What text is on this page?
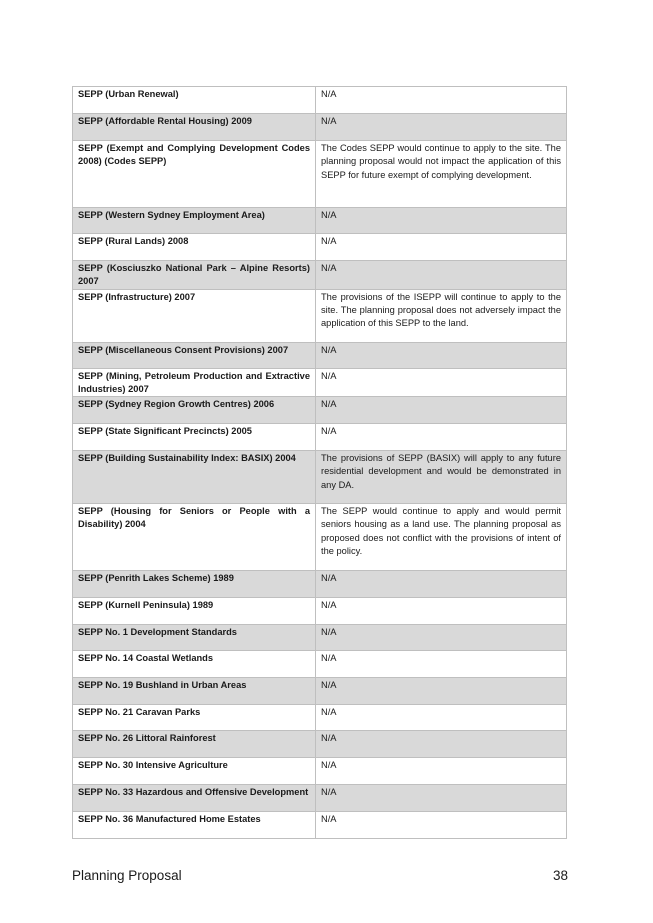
SEPP (Urban Renewal)	N/A
SEPP (Affordable Rental Housing) 2009	N/A
SEPP (Exempt and Complying Development Codes 2008) (Codes SEPP)	The Codes SEPP would continue to apply to the site. The planning proposal would not impact the application of this SEPP for future exempt of complying development.
SEPP (Western Sydney Employment Area)	N/A
SEPP (Rural Lands) 2008	N/A
SEPP (Kosciuszko National Park – Alpine Resorts) 2007	N/A
SEPP (Infrastructure) 2007	The provisions of the ISEPP will continue to apply to the site. The planning proposal does not adversely impact the application of this SEPP to the land.
SEPP (Miscellaneous Consent Provisions) 2007	N/A
SEPP (Mining, Petroleum Production and Extractive Industries) 2007	N/A
SEPP (Sydney Region Growth Centres) 2006	N/A
SEPP (State Significant Precincts) 2005	N/A
SEPP (Building Sustainability Index: BASIX) 2004	The provisions of SEPP (BASIX) will apply to any future residential development and would be demonstrated in any DA.
SEPP (Housing for Seniors or People with a Disability) 2004	The SEPP would continue to apply and would permit seniors housing as a land use. The planning proposal as proposed does not conflict with the provisions of intent of the policy.
SEPP (Penrith Lakes Scheme) 1989	N/A
SEPP (Kurnell Peninsula) 1989	N/A
SEPP No. 1 Development Standards	N/A
SEPP No. 14 Coastal Wetlands	N/A
SEPP No. 19 Bushland in Urban Areas	N/A
SEPP No. 21 Caravan Parks	N/A
SEPP No. 26 Littoral Rainforest	N/A
SEPP No. 30 Intensive Agriculture	N/A
SEPP No. 33 Hazardous and Offensive Development	N/A
SEPP No. 36 Manufactured Home Estates	N/A
Planning Proposal	38
